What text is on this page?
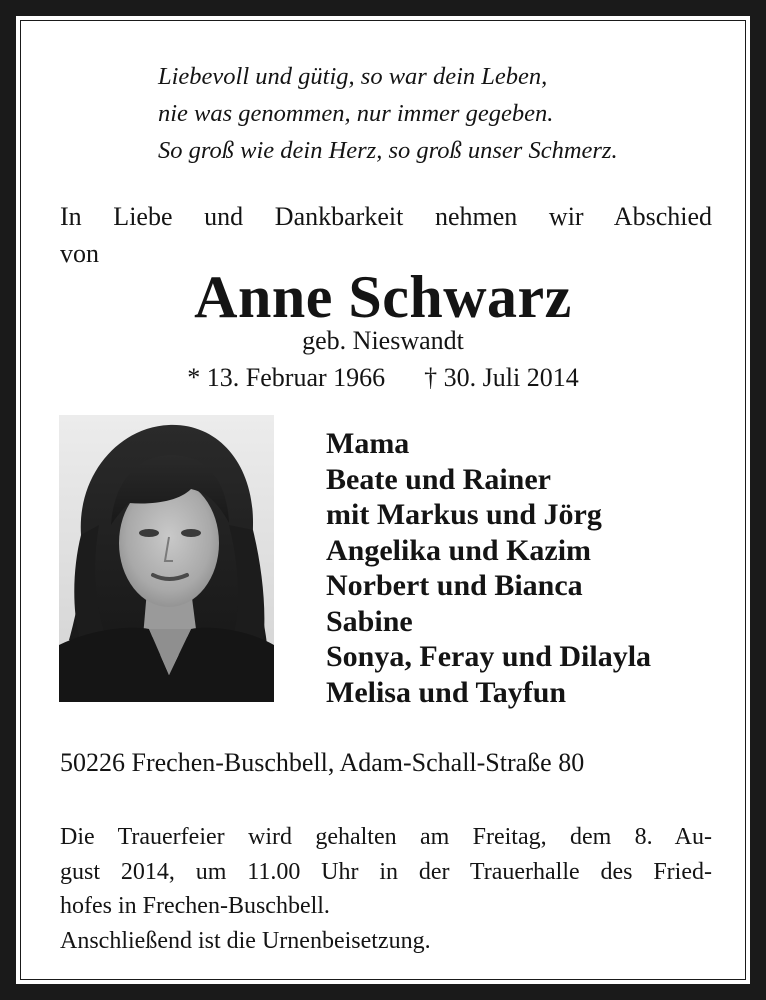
Liebevoll und gütig, so war dein Leben,
nie was genommen, nur immer gegeben.
So groß wie dein Herz, so groß unser Schmerz.
In Liebe und Dankbarkeit nehmen wir Abschied
von
Anne Schwarz
geb. Nieswandt
* 13. Februar 1966 † 30. Juli 2014
Mama
Beate und Rainer
mit Markus und Jörg
Angelika und Kazim
Norbert und Bianca
Sabine
Sonya, Feray und Dilayla
Melisa und Tayfun
50226 Frechen-Buschbell, Adam-Schall-Straße 80
Die Trauerfeier wird gehalten am Freitag, dem 8. Au-
gust 2014, um 11.00 Uhr in der Trauerhalle des Fried-
hofes in Frechen-Buschbell.
Anschließend ist die Urnenbeisetzung.
